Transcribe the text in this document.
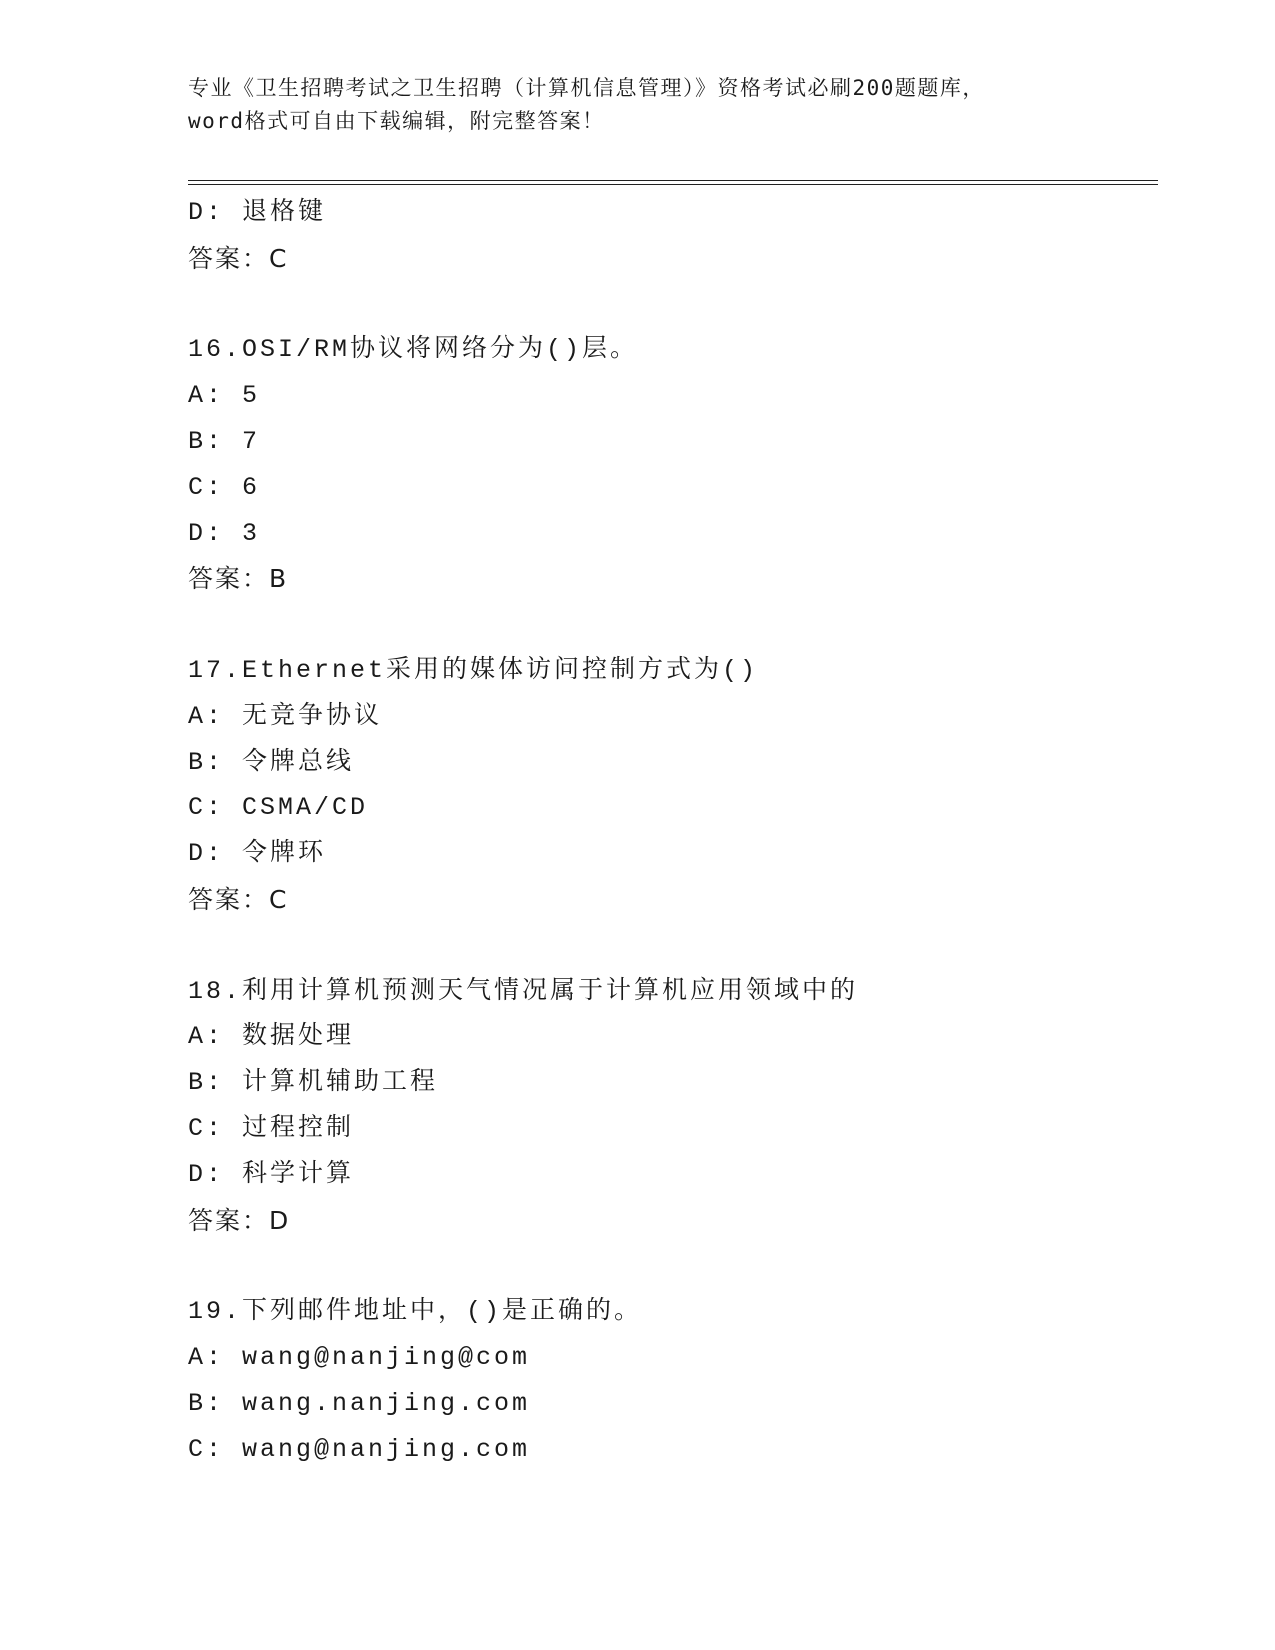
专业《卫生招聘考试之卫生招聘（计算机信息管理）》资格考试必刷200题题库，
word格式可自由下载编辑，附完整答案！
D: 退格键
答案：C
16.OSI/RM协议将网络分为()层。
A: 5
B: 7
C: 6
D: 3
答案：B
17.Ethernet采用的媒体访问控制方式为()
A: 无竞争协议
B: 令牌总线
C: CSMA/CD
D: 令牌环
答案：C
18.利用计算机预测天气情况属于计算机应用领域中的
A: 数据处理
B: 计算机辅助工程
C: 过程控制
D: 科学计算
答案：D
19.下列邮件地址中，()是正确的。
A: wang@nanjing@com
B: wang.nanjing.com
C: wang@nanjing.com
